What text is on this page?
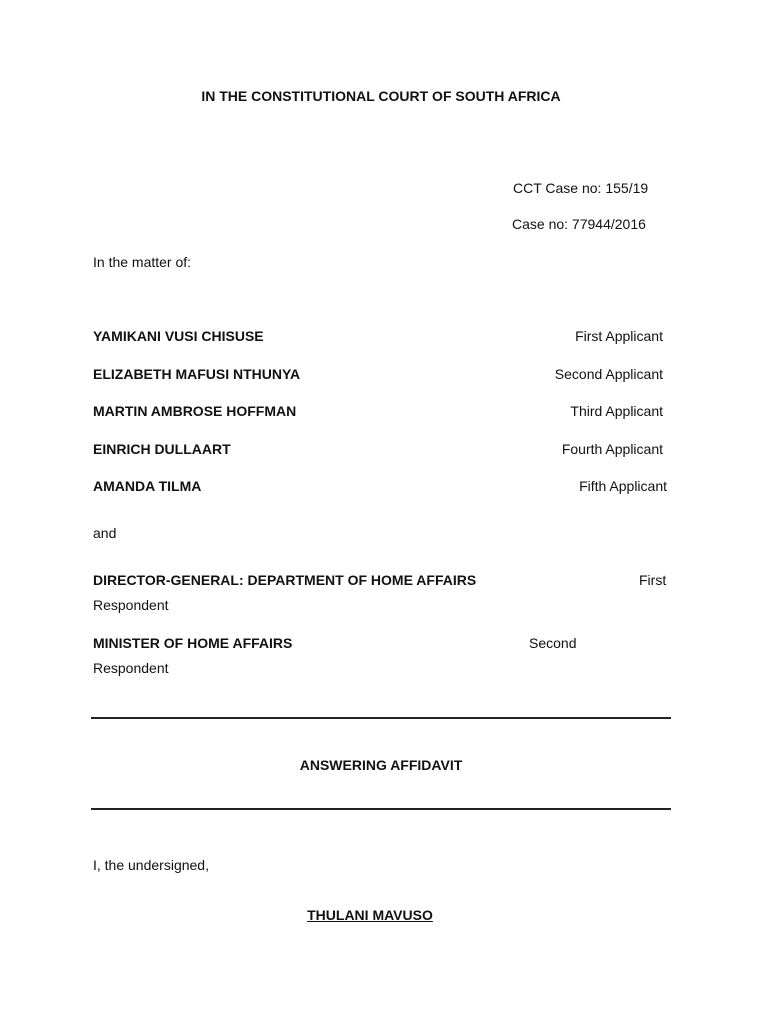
IN THE CONSTITUTIONAL COURT OF SOUTH AFRICA
CCT Case no: 155/19
Case no: 77944/2016
In the matter of:
YAMIKANI VUSI CHISUSE	First Applicant
ELIZABETH MAFUSI NTHUNYA	Second Applicant
MARTIN AMBROSE HOFFMAN	Third Applicant
EINRICH DULLAART	Fourth Applicant
AMANDA TILMA	Fifth Applicant
and
DIRECTOR-GENERAL: DEPARTMENT OF HOME AFFAIRS	First
Respondent
MINISTER OF HOME AFFAIRS	Second
Respondent
ANSWERING AFFIDAVIT
I, the undersigned,
THULANI MAVUSO
